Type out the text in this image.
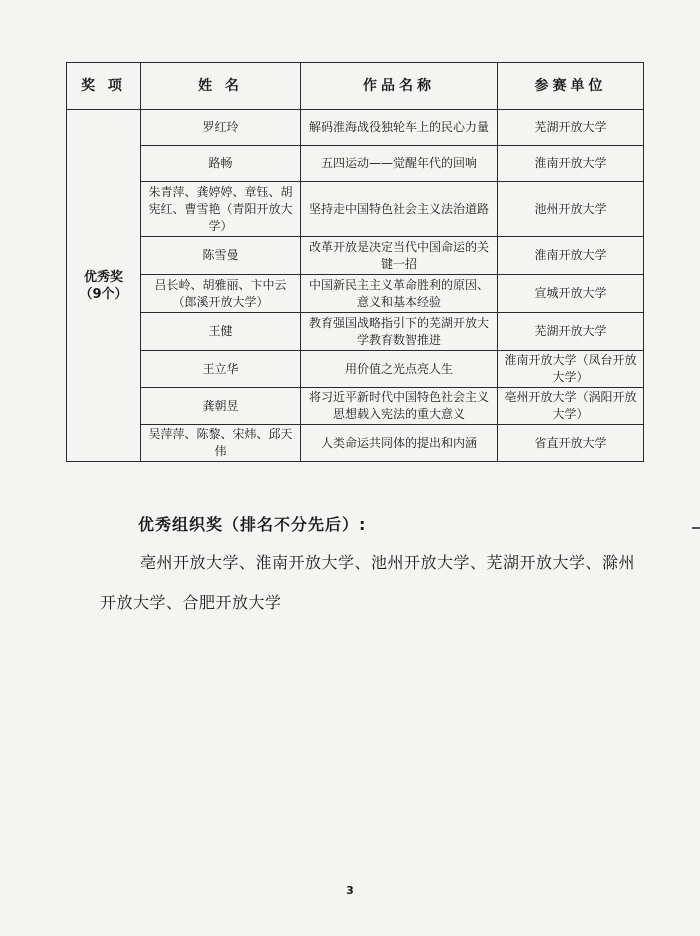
奖 项	姓 名	作品名称	参赛单位

优秀奖
（9个）	罗红玲	解码淮海战役独轮车上的民心力量	芜湖开放大学
	路畅	五四运动——觉醒年代的回响	淮南开放大学
	朱青萍、龚婷婷、章钰、胡宪红、曹雪艳（青阳开放大学）	坚持走中国特色社会主义法治道路	池州开放大学
	陈雪曼	改革开放是决定当代中国命运的关键一招	淮南开放大学
	吕长岭、胡雅丽、卞中云（郎溪开放大学）	中国新民主主义革命胜利的原因、意义和基本经验	宣城开放大学
	王健	教育强国战略指引下的芜湖开放大学教育数智推进	芜湖开放大学
	王立华	用价值之光点亮人生	淮南开放大学（凤台开放大学）
	龚朝昱	将习近平新时代中国特色社会主义思想载入宪法的重大意义	亳州开放大学（涡阳开放大学）
	吴萍萍、陈黎、宋炜、邱天伟	人类命运共同体的提出和内涵	省直开放大学
优秀组织奖（排名不分先后）:
亳州开放大学、淮南开放大学、池州开放大学、芜湖开放大学、滁州开放大学、合肥开放大学
3
